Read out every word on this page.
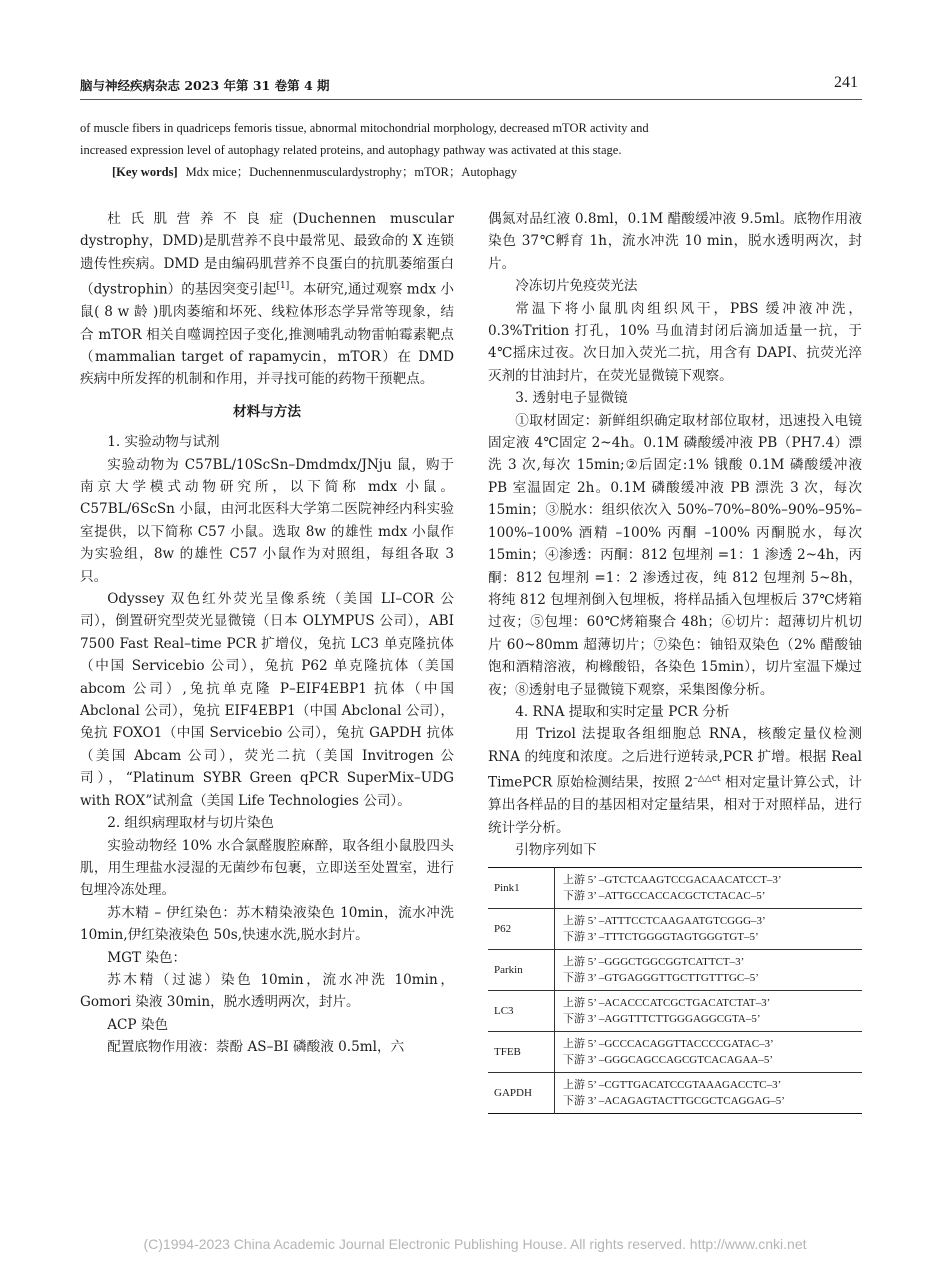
脑与神经疾病杂志 2023 年第 31 卷第 4 期	241

of muscle fibers in quadriceps femoris tissue, abnormal mitochondrial morphology, decreased mTOR activity and

increased expression level of autophagy related proteins, and autophagy pathway was activated at this stage.

[Key words] Mdx mice；Duchennenmusculardystrophy；mTOR；Autophagy

杜氏肌营养不良症(Duchennen muscular dystrophy，DMD)是肌营养不良中最常见、最致命的 X 连锁遗传性疾病。DMD 是由编码肌营养不良蛋白的抗肌萎缩蛋白（dystrophin）的基因突变引起[1]。本研究,通过观察 mdx 小鼠( 8 w 龄 )肌肉萎缩和坏死、线粒体形态学异常等现象，结合 mTOR 相关自噬调控因子变化,推测哺乳动物雷帕霉素靶点（mammalian target of rapamycin，mTOR）在 DMD 疾病中所发挥的机制和作用，并寻找可能的药物干预靶点。

材料与方法

1. 实验动物与试剂

实验动物为 C57BL/10ScSn–Dmdmdx/JNju 鼠，购于南京大学模式动物研究所，以下简称 mdx 小鼠。C57BL/6ScSn 小鼠，由河北医科大学第二医院神经内科实验室提供，以下简称 C57 小鼠。选取 8w 的雄性 mdx 小鼠作为实验组，8w 的雄性 C57 小鼠作为对照组，每组各取 3 只。

Odyssey 双色红外荧光呈像系统（美国 LI–COR 公司），倒置研究型荧光显微镜（日本 OLYMPUS 公司），ABI 7500 Fast Real–time PCR 扩增仪，兔抗 LC3 单克隆抗体（中国 Servicebio 公司），兔抗 P62 单克隆抗体（美国 abcom 公司）,兔抗单克隆 P–EIF4EBP1 抗体（中国 Abclonal 公司），兔抗 EIF4EBP1（中国 Abclonal 公司），兔抗 FOXO1（中国 Servicebio 公司），兔抗 GAPDH 抗体（美国 Abcam 公司），荧光二抗（美国 Invitrogen 公司），“Platinum SYBR Green qPCR SuperMix–UDG with ROX”试剂盒（美国 Life Technologies 公司）。

2. 组织病理取材与切片染色

实验动物经 10% 水合氯醛腹腔麻醉，取各组小鼠股四头肌，用生理盐水浸湿的无菌纱布包裹，立即送至处置室，进行包埋冷冻处理。

苏木精 – 伊红染色：苏木精染液染色 10min，流水冲洗 10min,伊红染液染色 50s,快速水洗,脱水封片。

MGT 染色：

苏木精（过滤）染色 10min，流水冲洗 10min，Gomori 染液 30min，脱水透明两次，封片。

ACP 染色

配置底物作用液：萘酚 AS–BI 磷酸液 0.5ml，六

偶氮对品红液 0.8ml，0.1M 醋酸缓冲液 9.5ml。底物作用液染色 37℃孵育 1h，流水冲洗 10 min，脱水透明两次，封片。

冷冻切片免疫荧光法

常温下将小鼠肌肉组织风干，PBS 缓冲液冲洗，0.3%Trition 打孔，10% 马血清封闭后滴加适量一抗，于 4℃摇床过夜。次日加入荧光二抗，用含有 DAPI、抗荧光淬灭剂的甘油封片，在荧光显微镜下观察。

3. 透射电子显微镜

①取材固定：新鲜组织确定取材部位取材，迅速投入电镜固定液 4℃固定 2~4h。0.1M 磷酸缓冲液 PB（PH7.4）漂洗 3 次,每次 15min;②后固定:1% 锇酸 0.1M 磷酸缓冲液 PB 室温固定 2h。0.1M 磷酸缓冲液 PB 漂洗 3 次，每次 15min；③脱水：组织依次入 50%–70%–80%–90%–95%–100%–100% 酒精 –100% 丙酮 –100% 丙酮脱水，每次 15min；④渗透：丙酮：812 包埋剂 =1：1 渗透 2~4h，丙酮：812 包埋剂 =1：2 渗透过夜，纯 812 包埋剂 5~8h，将纯 812 包埋剂倒入包埋板，将样品插入包埋板后 37℃烤箱过夜；⑤包埋：60℃烤箱聚合 48h；⑥切片：超薄切片机切片 60~80mm 超薄切片；⑦染色：铀铅双染色（2% 醋酸铀饱和酒精溶液，枸橼酸铅，各染色 15min），切片室温下燥过夜；⑧透射电子显微镜下观察，采集图像分析。

4. RNA 提取和实时定量 PCR 分析

用 Trizol 法提取各组细胞总 RNA，核酸定量仪检测RNA 的纯度和浓度。之后进行逆转录,PCR 扩增。根据 Real TimePCR 原始检测结果，按照 $2^{-\triangle\triangle ct}$ 相对定量计算公式，计算出各样品的目的基因相对定量结果，相对于对照样品，进行统计学分析。

引物序列如下

Pink1	上游 5’ –GTCTCAAGTCCGACAACATCCT–3’
下游 3’ –ATTGCCACCACGCTCTACAC–5’

P62	上游 5’ –ATTTCCTCAAGAATGTCGGG–3’
下游 3’ –TTTCTGGGGTAGTGGGTGT–5’

Parkin	上游 5’ –GGGCTGGCGGTCATTCT–3’
下游 3’ –GTGAGGGTTGCTTGTTTGC–5’

LC3	上游 5’ –ACACCCATCGCTGACATCTAT–3’
下游 3’ –AGGTTTCTTGGGAGGCGTA–5’

TFEB	上游 5’ –GCCCACAGGTTACCCCGATAC–3’
下游 3’ –GGGCAGCCAGCGTCACAGAA–5’

GAPDH	上游 5’ –CGTTGACATCCGTAAAGACCTC–3’
下游 3’ –ACAGAGTACTTGCGCTCAGGAG–5’
(C)1994-2023 China Academic Journal Electronic Publishing House. All rights reserved. http://www.cnki.net
